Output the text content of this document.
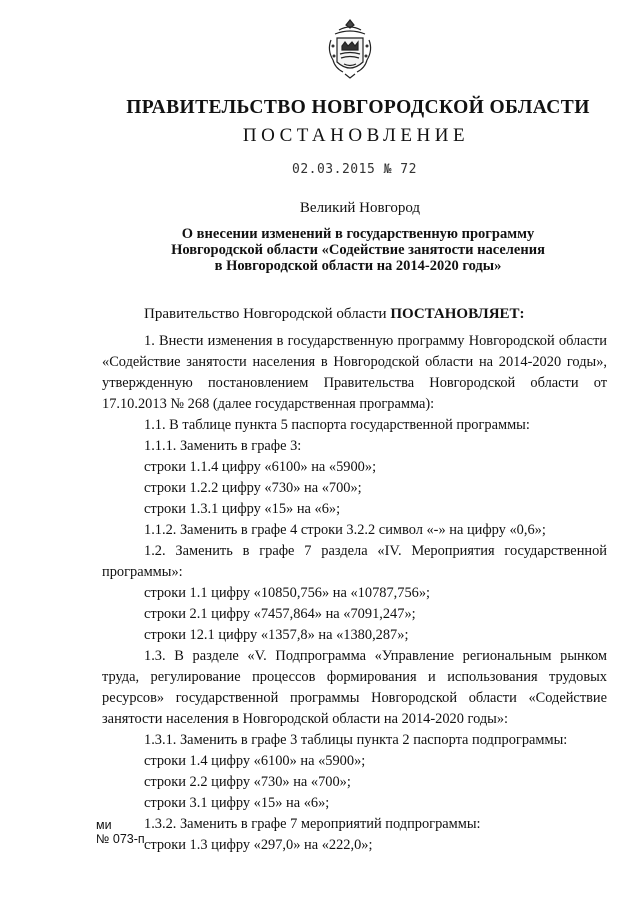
ПРАВИТЕЛЬСТВО НОВГОРОДСКОЙ ОБЛАСТИ
ПОСТАНОВЛЕНИЕ
02.03.2015 № 72
Великий Новгород
О внесении изменений в государственную программу
Новгородской области «Содействие занятости населения
в Новгородской области на 2014-2020 годы»

Правительство Новгородской области ПОСТАНОВЛЯЕТ:

1. Внести изменения в государственную программу Новгородской области «Содействие занятости населения в Новгородской области на 2014-2020 годы», утвержденную постановлением Правительства Новгородской области от 17.10.2013 № 268 (далее государственная программа):

1.1. В таблице пункта 5 паспорта государственной программы:
1.1.1. Заменить в графе 3:
строки 1.1.4 цифру «6100» на «5900»;
строки 1.2.2 цифру «730» на «700»;
строки 1.3.1 цифру «15» на «6»;
1.1.2. Заменить в графе 4 строки 3.2.2 символ «-» на цифру «0,6»;

1.2. Заменить в графе 7 раздела «IV. Мероприятия государственной программы»:

строки 1.1 цифру «10850,756» на «10787,756»;
строки 2.1 цифру «7457,864» на «7091,247»;
строки 12.1 цифру «1357,8» на «1380,287»;

1.3. В разделе «V. Подпрограмма «Управление региональным рынком труда, регулирование процессов формирования и использования трудовых ресурсов» государственной программы Новгородской области «Содействие занятости населения в Новгородской области на 2014-2020 годы»:

1.3.1. Заменить в графе 3 таблицы пункта 2 паспорта подпрограммы:
строки 1.4 цифру «6100» на «5900»;
строки 2.2 цифру «730» на «700»;
строки 3.1 цифру «15» на «6»;
1.3.2. Заменить в графе 7 мероприятий подпрограммы:
строки 1.3 цифру «297,0» на «222,0»;
ми
№ 073-п
